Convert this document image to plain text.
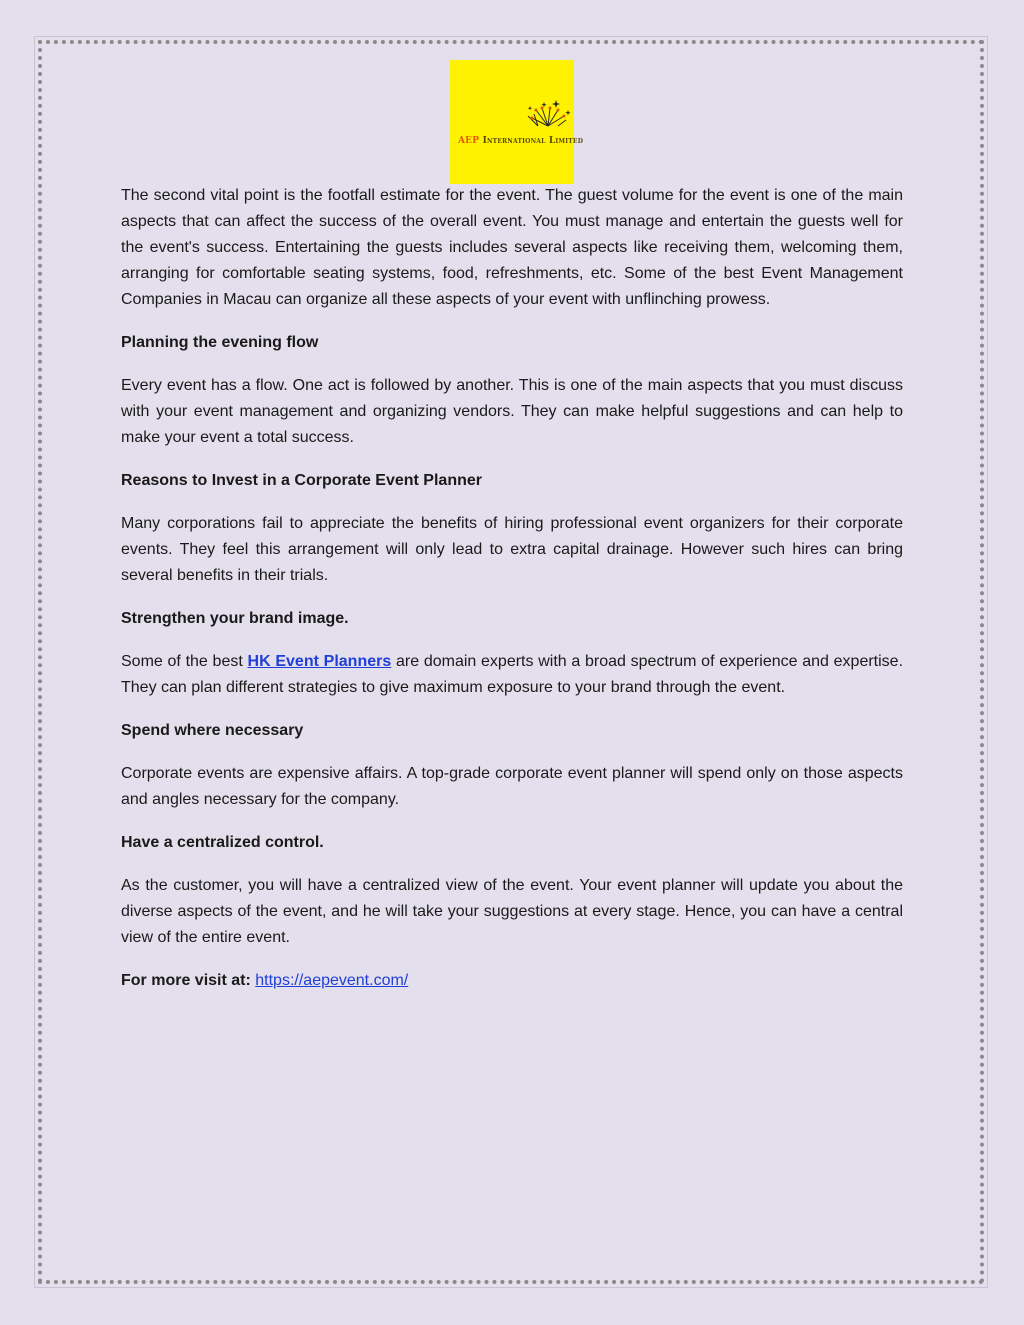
AEP International Limited

The second vital point is the footfall estimate for the event. The guest volume for the event is one of the main aspects that can affect the success of the overall event. You must manage and entertain the guests well for the event's success. Entertaining the guests includes several aspects like receiving them, welcoming them, arranging for comfortable seating systems, food, refreshments, etc. Some of the best Event Management Companies in Macau can organize all these aspects of your event with unflinching prowess.

Planning the evening flow

Every event has a flow. One act is followed by another. This is one of the main aspects that you must discuss with your event management and organizing vendors. They can make helpful suggestions and can help to make your event a total success.

Reasons to Invest in a Corporate Event Planner

Many corporations fail to appreciate the benefits of hiring professional event organizers for their corporate events. They feel this arrangement will only lead to extra capital drainage. However such hires can bring several benefits in their trials.

Strengthen your brand image.

Some of the best HK Event Planners are domain experts with a broad spectrum of experience and expertise. They can plan different strategies to give maximum exposure to your brand through the event.

Spend where necessary

Corporate events are expensive affairs. A top-grade corporate event planner will spend only on those aspects and angles necessary for the company.

Have a centralized control.

As the customer, you will have a centralized view of the event. Your event planner will update you about the diverse aspects of the event, and he will take your suggestions at every stage. Hence, you can have a central view of the entire event.

For more visit at: https://aepevent.com/
